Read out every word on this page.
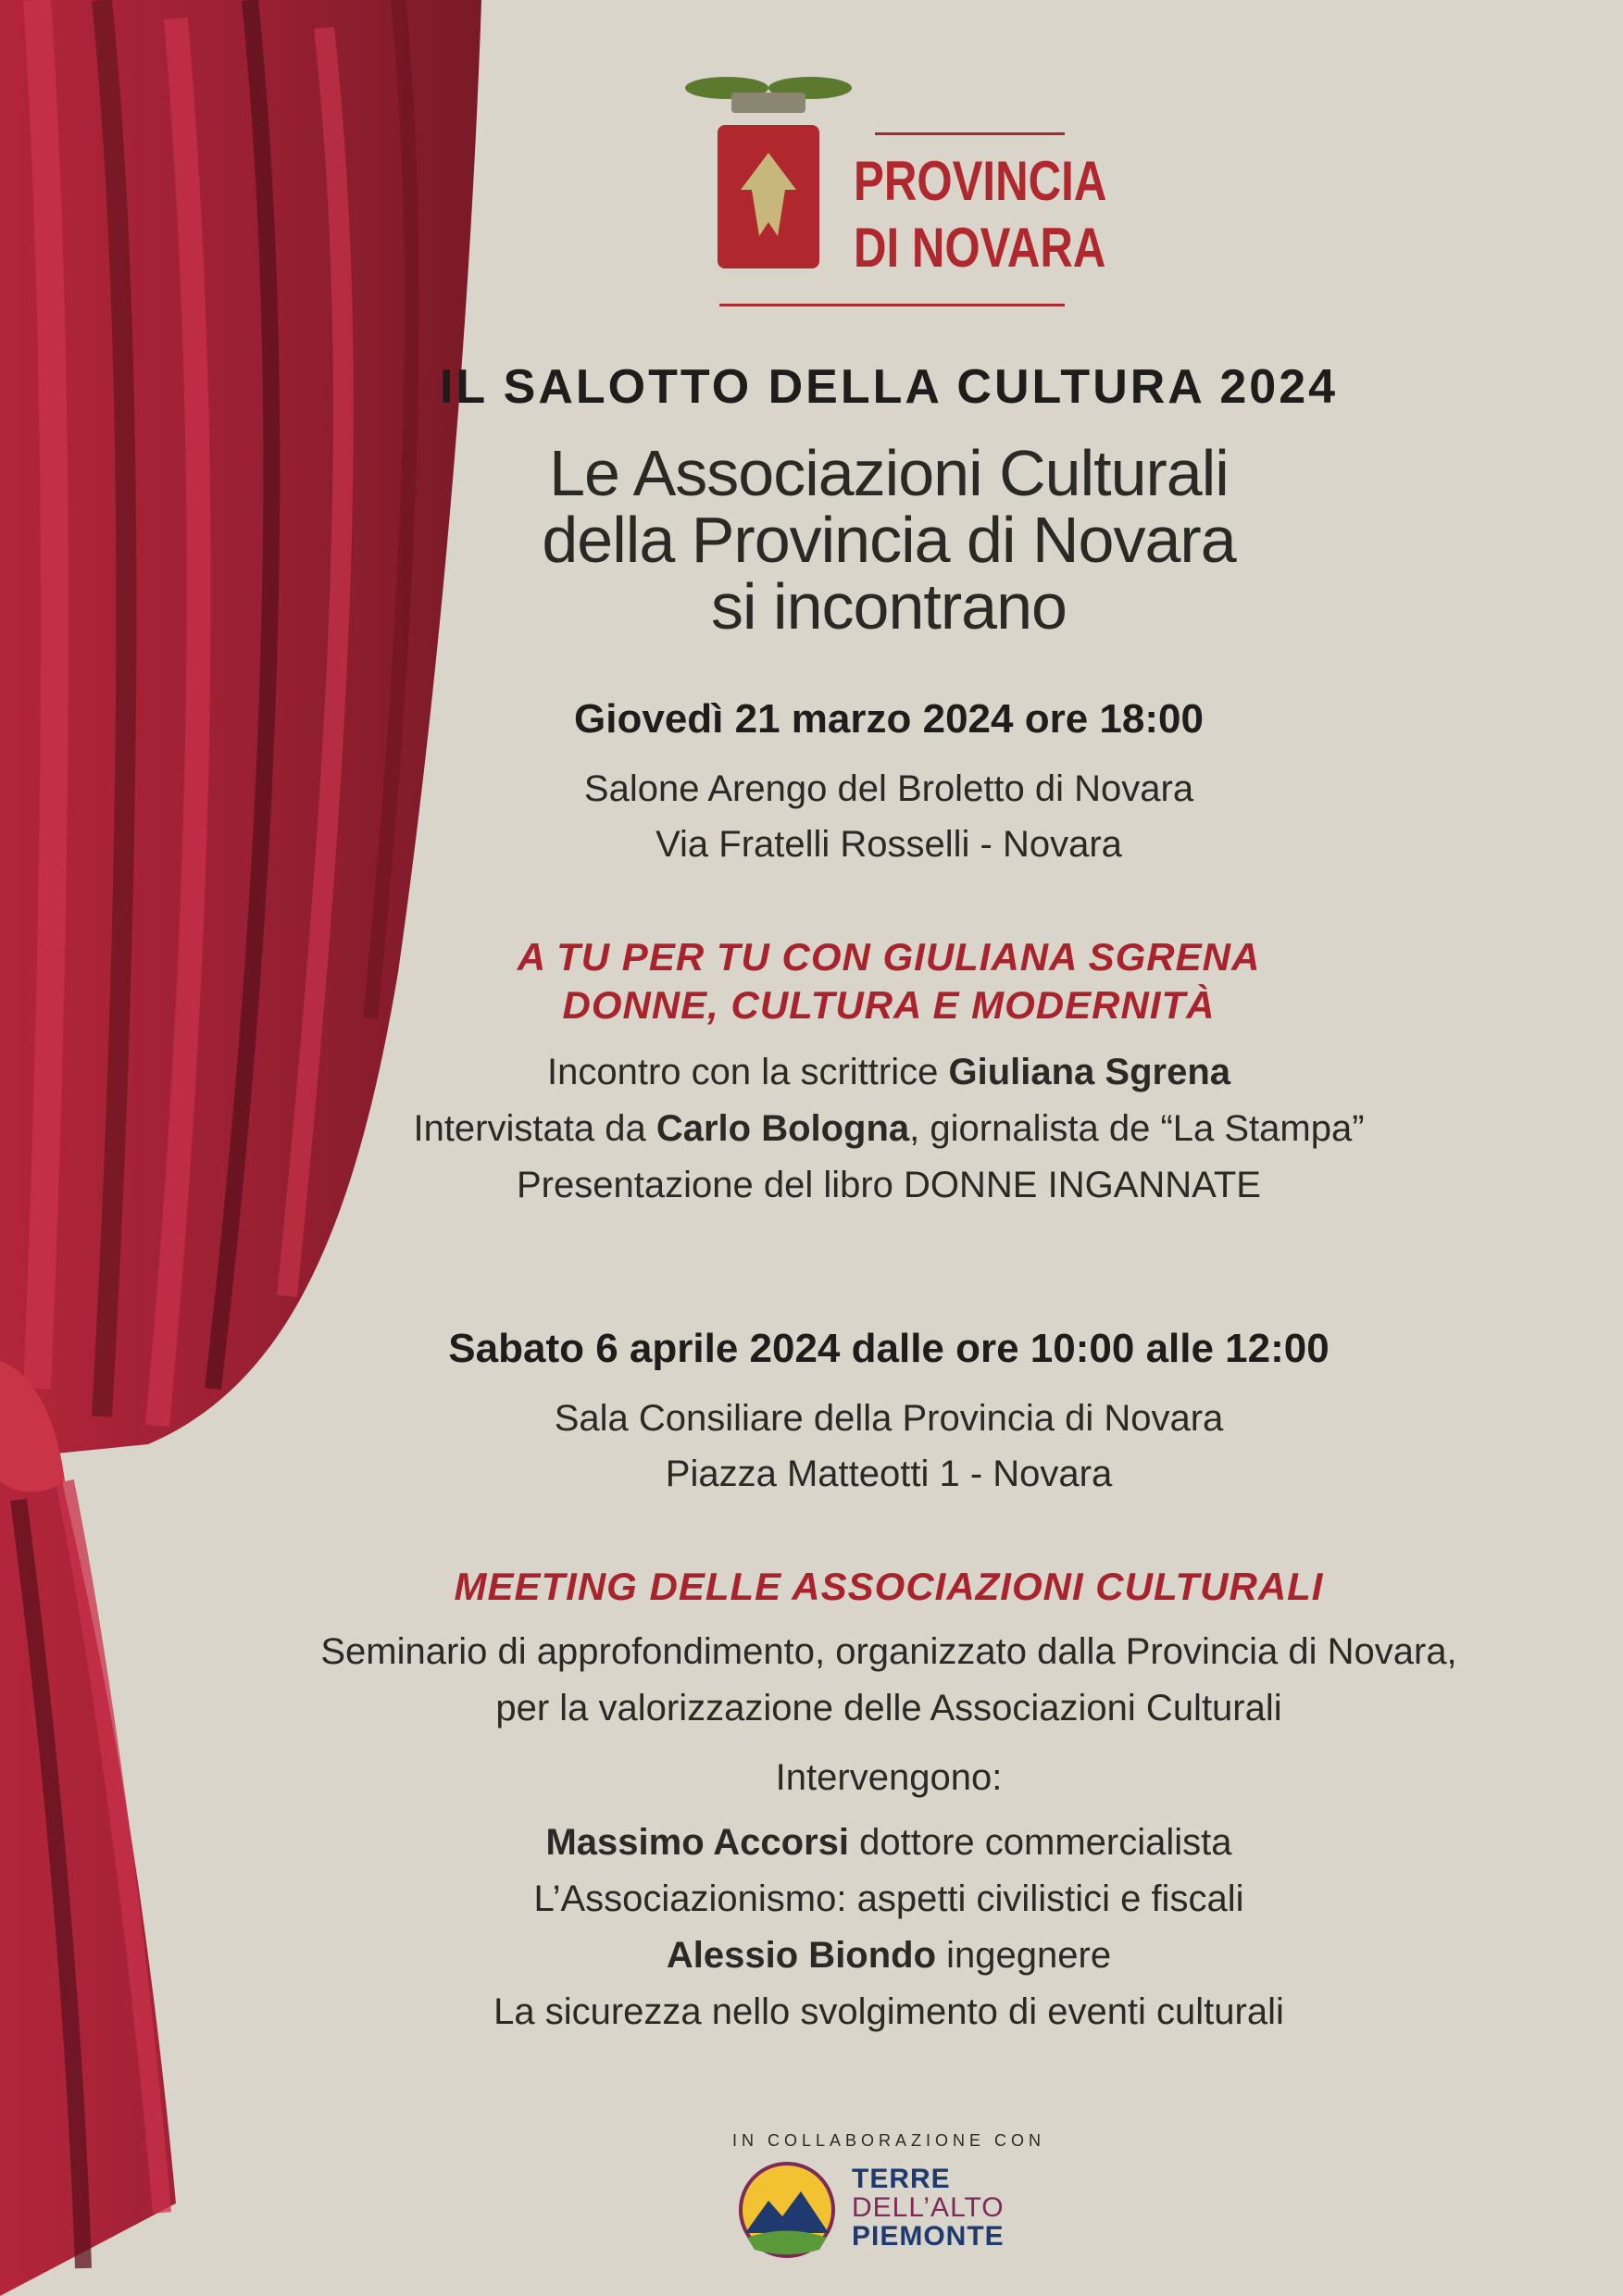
PROVINCIA
DI NOVARA
IL SALOTTO DELLA CULTURA 2024
Le Associazioni Culturali
della Provincia di Novara
si incontrano
Giovedì 21 marzo 2024 ore 18:00
Salone Arengo del Broletto di Novara
Via Fratelli Rosselli - Novara
A TU PER TU CON GIULIANA SGRENA
DONNE, CULTURA E MODERNITÀ
Incontro con la scrittrice Giuliana Sgrena
Intervistata da Carlo Bologna, giornalista de “La Stampa”
Presentazione del libro DONNE INGANNATE
Sabato 6 aprile 2024 dalle ore 10:00 alle 12:00
Sala Consiliare della Provincia di Novara
Piazza Matteotti 1 - Novara
MEETING DELLE ASSOCIAZIONI CULTURALI
Seminario di approfondimento, organizzato dalla Provincia di Novara,
per la valorizzazione delle Associazioni Culturali
Intervengono:
Massimo Accorsi dottore commercialista
L’Associazionismo: aspetti civilistici e fiscali
Alessio Biondo ingegnere
La sicurezza nello svolgimento di eventi culturali
IN COLLABORAZIONE CON
TERRE
DELL’ALTO
PIEMONTE
